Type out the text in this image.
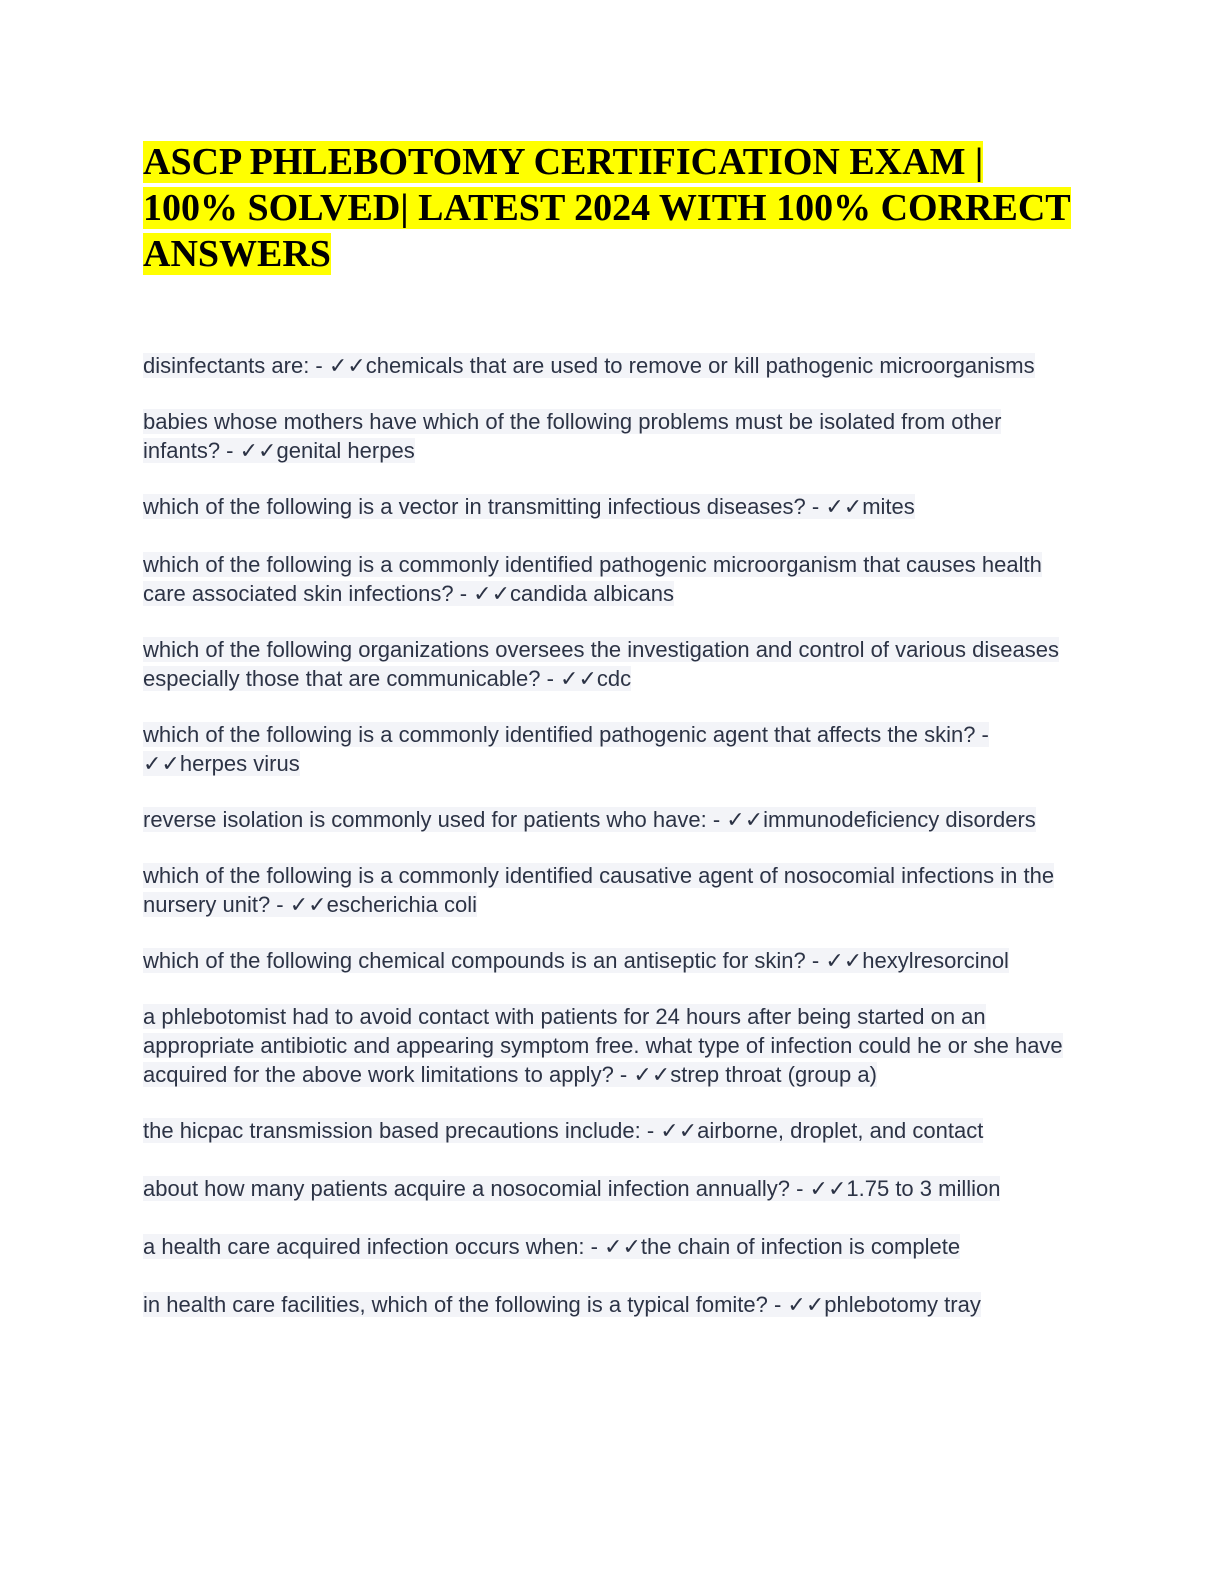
ASCP PHLEBOTOMY CERTIFICATION EXAM | 100% SOLVED| LATEST 2024 WITH 100% CORRECT ANSWERS

disinfectants are: - ✓✓chemicals that are used to remove or kill pathogenic microorganisms

babies whose mothers have which of the following problems must be isolated from other infants? - ✓✓genital herpes

which of the following is a vector in transmitting infectious diseases? - ✓✓mites

which of the following is a commonly identified pathogenic microorganism that causes health care associated skin infections? - ✓✓candida albicans

which of the following organizations oversees the investigation and control of various diseases especially those that are communicable? - ✓✓cdc

which of the following is a commonly identified pathogenic agent that affects the skin? - ✓✓herpes virus

reverse isolation is commonly used for patients who have: - ✓✓immunodeficiency disorders

which of the following is a commonly identified causative agent of nosocomial infections in the nursery unit? - ✓✓escherichia coli

which of the following chemical compounds is an antiseptic for skin? - ✓✓hexylresorcinol

a phlebotomist had to avoid contact with patients for 24 hours after being started on an appropriate antibiotic and appearing symptom free. what type of infection could he or she have acquired for the above work limitations to apply? - ✓✓strep throat (group a)

the hicpac transmission based precautions include: - ✓✓airborne, droplet, and contact

about how many patients acquire a nosocomial infection annually? - ✓✓1.75 to 3 million

a health care acquired infection occurs when: - ✓✓the chain of infection is complete

in health care facilities, which of the following is a typical fomite? - ✓✓phlebotomy tray
